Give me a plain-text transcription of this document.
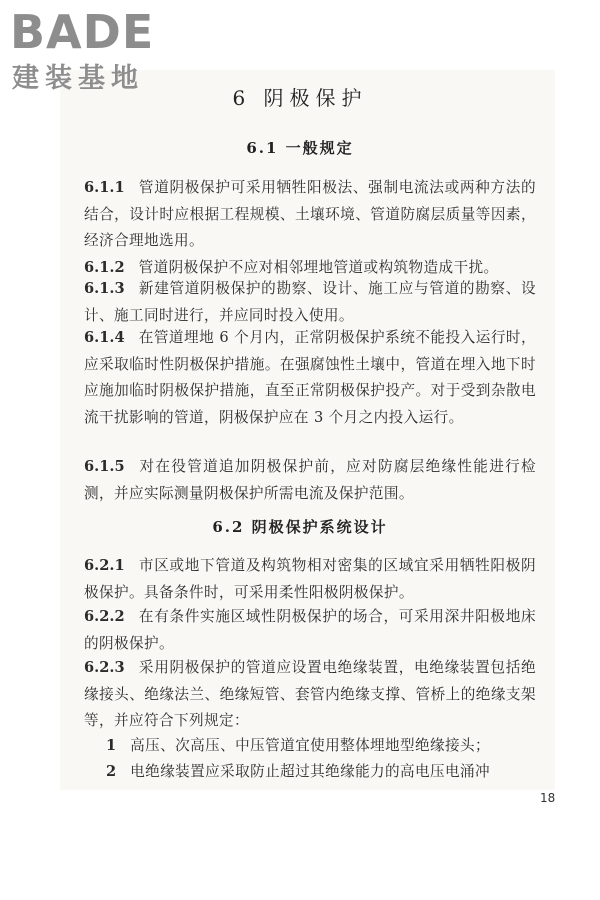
BADE
建装基地
6 阴极保护
6.1 一般规定
6.1.1 管道阴极保护可采用牺牲阳极法、强制电流法或两种方法的结合，设计时应根据工程规模、土壤环境、管道防腐层质量等因素，经济合理地选用。
6.1.2 管道阴极保护不应对相邻埋地管道或构筑物造成干扰。
6.1.3 新建管道阴极保护的勘察、设计、施工应与管道的勘察、设计、施工同时进行，并应同时投入使用。
6.1.4 在管道埋地 6 个月内，正常阴极保护系统不能投入运行时，应采取临时性阴极保护措施。在强腐蚀性土壤中，管道在埋入地下时应施加临时阴极保护措施，直至正常阴极保护投产。对于受到杂散电流干扰影响的管道，阴极保护应在 3 个月之内投入运行。
6.1.5 对在役管道追加阴极保护前，应对防腐层绝缘性能进行检测，并应实际测量阴极保护所需电流及保护范围。
6.2 阴极保护系统设计
6.2.1 市区或地下管道及构筑物相对密集的区域宜采用牺牲阳极阴极保护。具备条件时，可采用柔性阳极阴极保护。
6.2.2 在有条件实施区域性阴极保护的场合，可采用深井阳极地床的阴极保护。
6.2.3 采用阴极保护的管道应设置电绝缘装置，电绝缘装置包括绝缘接头、绝缘法兰、绝缘短管、套管内绝缘支撑、管桥上的绝缘支架等，并应符合下列规定：
1 高压、次高压、中压管道宜使用整体埋地型绝缘接头；
2 电绝缘装置应采取防止超过其绝缘能力的高电压电涌冲
18
